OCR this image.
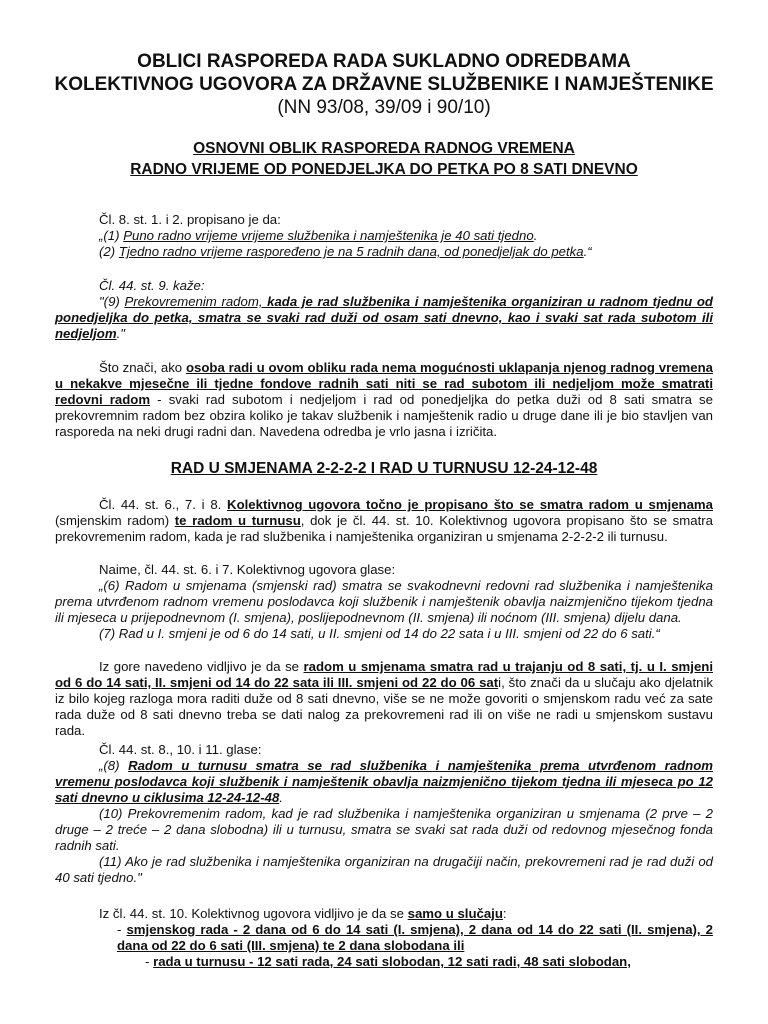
OBLICI RASPOREDA RADA SUKLADNO ODREDBAMA
KOLEKTIVNOG UGOVORA ZA DRŽAVNE SLUŽBENIKE I NAMJEŠTENIKE
(NN 93/08, 39/09 i 90/10)
OSNOVNI OBLIK RASPOREDA RADNOG VREMENA
RADNO VRIJEME OD PONEDJELJKA DO PETKA PO 8 SATI DNEVNO

Čl. 8. st. 1. i 2. propisano je da:

„(1) Puno radno vrijeme vrijeme službenika i namještenika je 40 sati tjedno.

(2) Tjedno radno vrijeme raspoređeno je na 5 radnih dana, od ponedjeljak do petka.“

Čl. 44. st. 9. kaže:

"(9) Prekovremenim radom, kada je rad službenika i namještenika organiziran u radnom tjednu od ponedjeljka do petka, smatra se svaki rad duži od osam sati dnevno, kao i svaki sat rada subotom ili nedjeljom."

Što znači, ako osoba radi u ovom obliku rada nema mogućnosti uklapanja njenog radnog vremena u nekakve mjesečne ili tjedne fondove radnih sati niti se rad subotom ili nedjeljom može smatrati redovni radom - svaki rad subotom i nedjeljom i rad od ponedjeljka do petka duži od 8 sati smatra se prekovremnim radom bez obzira koliko je takav službenik i namještenik radio u druge dane ili je bio stavljen van rasporeda na neki drugi radni dan. Navedena odredba je vrlo jasna i izričita.

RAD U SMJENAMA 2-2-2-2 I RAD U TURNUSU 12-24-12-48

Čl. 44. st. 6., 7. i 8. Kolektivnog ugovora točno je propisano što se smatra radom u smjenama (smjenskim radom) te radom u turnusu, dok je čl. 44. st. 10. Kolektivnog ugovora propisano što se smatra prekovremenim radom, kada je rad službenika i namještenika organiziran u smjenama 2-2-2-2 ili turnusu.

Naime, čl. 44. st. 6. i 7. Kolektivnog ugovora glase:

„(6) Radom u smjenama (smjenski rad) smatra se svakodnevni redovni rad službenika i namještenika prema utvrđenom radnom vremenu poslodavca koji službenik i namještenik obavlja naizmjenično tijekom tjedna ili mjeseca u prijepodnevnom (I. smjena), poslijepodnevnom (II. smjena) ili noćnom (III. smjena) dijelu dana.

(7) Rad u I. smjeni je od 6 do 14 sati, u II. smjeni od 14 do 22 sata i u III. smjeni od 22 do 6 sati.“

Iz gore navedeno vidljivo je da se radom u smjenama smatra rad u trajanju od 8 sati, tj. u I. smjeni od 6 do 14 sati, II. smjeni od 14 do 22 sata ili III. smjeni od 22 do 06 sati, što znači da u slučaju ako djelatnik iz bilo kojeg razloga mora raditi duže od 8 sati dnevno, više se ne može govoriti o smjenskom radu već za sate rada duže od 8 sati dnevno treba se dati nalog za prekovremeni rad ili on više ne radi u smjenskom sustavu rada.

Čl. 44. st. 8., 10. i 11. glase:

„(8) Radom u turnusu smatra se rad službenika i namještenika prema utvrđenom radnom vremenu poslodavca koji službenik i namještenik obavlja naizmjenično tijekom tjedna ili mjeseca po 12 sati dnevno u ciklusima 12-24-12-48.

(10) Prekovremenim radom, kad je rad službenika i namještenika organiziran u smjenama (2 prve – 2 druge – 2 treće – 2 dana slobodna) ili u turnusu, smatra se svaki sat rada duži od redovnog mjesečnog fonda radnih sati.

(11) Ako je rad službenika i namještenika organiziran na drugačiji način, prekovremeni rad je rad duži od 40 sati tjedno."

Iz čl. 44. st. 10. Kolektivnog ugovora vidljivo je da se samo u slučaju:

- smjenskog rada - 2 dana od 6 do 14 sati (I. smjena), 2 dana od 14 do 22 sati (II. smjena), 2 dana od 22 do 6 sati (III. smjena) te 2 dana slobodana ili

- rada u turnusu - 12 sati rada, 24 sati slobodan, 12 sati radi, 48 sati slobodan,
